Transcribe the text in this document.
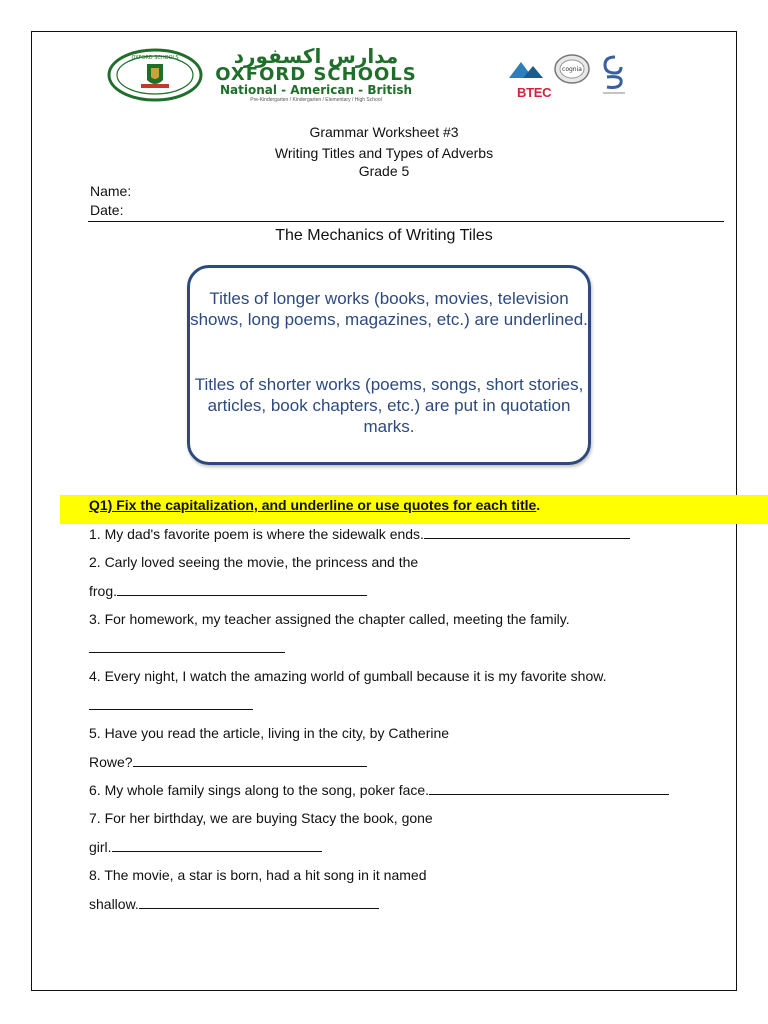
OXFORD SCHOOLS	مدارس اكسفورد
OXFORD SCHOOLS
National - American - British
Pre-Kindergarten / Kindergarten / Elementary / High School	BTEC
cognia
Grammar Worksheet #3
Writing Titles and Types of Adverbs
Grade 5
Name:
Date:
The Mechanics of Writing Tiles
Titles of longer works (books, movies, television shows, long poems, magazines, etc.) are underlined.
Titles of shorter works (poems, songs, short stories, articles, book chapters, etc.) are put in quotation marks.
Q1) Fix the capitalization, and underline or use quotes for each title.
1. My dad's favorite poem is where the sidewalk ends.
2. Carly loved seeing the movie, the princess and the
frog.
3. For homework, my teacher assigned the chapter called, meeting the family.
4. Every night, I watch the amazing world of gumball because it is my favorite show.
5. Have you read the article, living in the city, by Catherine
Rowe?
6. My whole family sings along to the song, poker face.
7. For her birthday, we are buying Stacy the book, gone
girl.
8. The movie, a star is born, had a hit song in it named
shallow.
